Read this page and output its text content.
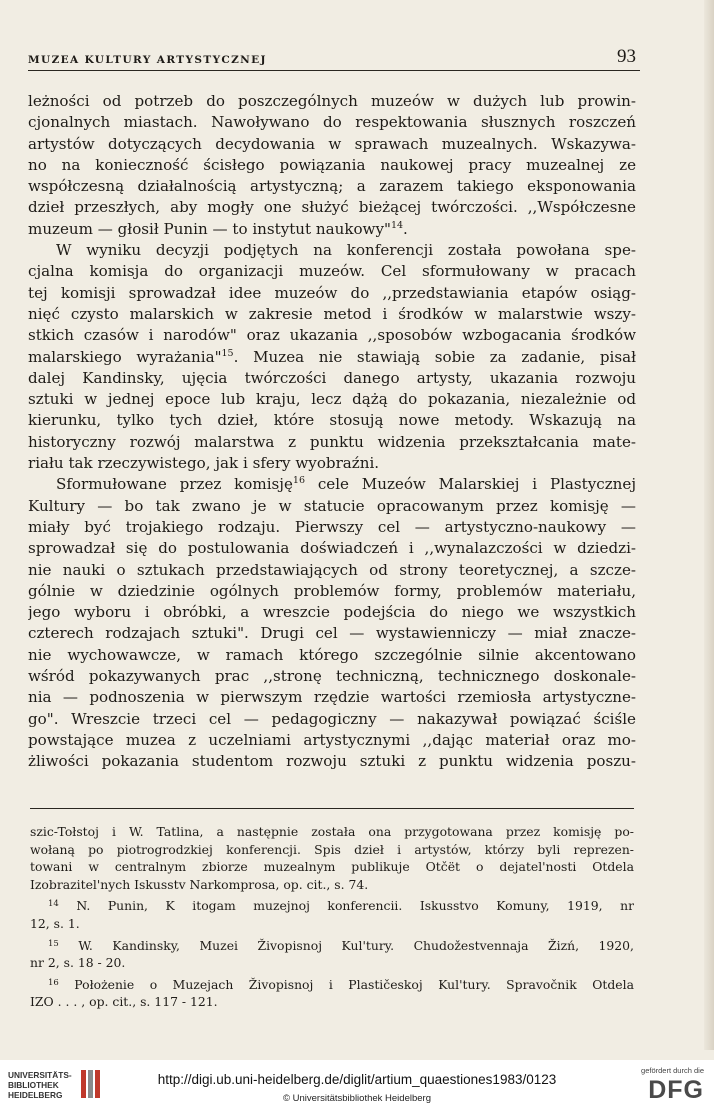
MUZEA KULTURY ARTYSTYCZNEJ	93
leżności od potrzeb do poszczególnych muzeów w dużych lub prowin-
cjonalnych miastach. Nawoływano do respektowania słusznych roszczeń
artystów dotyczących decydowania w sprawach muzealnych. Wskazywa-
no na konieczność ścisłego powiązania naukowej pracy muzealnej ze
współczesną działalnością artystyczną; a zarazem takiego eksponowania
dzieł przeszłych, aby mogły one służyć bieżącej twórczości. ,,Współczesne
muzeum — głosił Punin — to instytut naukowy"$^{14}$.
W wyniku decyzji podjętych na konferencji została powołana spe-
cjalna komisja do organizacji muzeów. Cel sformułowany w pracach
tej komisji sprowadzał idee muzeów do ,,przedstawiania etapów osiąg-
nięć czysto malarskich w zakresie metod i środków w malarstwie wszy-
stkich czasów i narodów" oraz ukazania ,,sposobów wzbogacania środków
malarskiego wyrażania"$^{15}$. Muzea nie stawiają sobie za zadanie, pisał
dalej Kandinsky, ujęcia twórczości danego artysty, ukazania rozwoju
sztuki w jednej epoce lub kraju, lecz dążą do pokazania, niezależnie od
kierunku, tylko tych dzieł, które stosują nowe metody. Wskazują na
historyczny rozwój malarstwa z punktu widzenia przekształcania mate-
riału tak rzeczywistego, jak i sfery wyobraźni.
Sformułowane przez komisję$^{16}$ cele Muzeów Malarskiej i Plastycznej
Kultury — bo tak zwano je w statucie opracowanym przez komisję —
miały być trojakiego rodzaju. Pierwszy cel — artystyczno-naukowy —
sprowadzał się do postulowania doświadczeń i ,,wynalazczości w dziedzi-
nie nauki o sztukach przedstawiających od strony teoretycznej, a szcze-
gólnie w dziedzinie ogólnych problemów formy, problemów materiału,
jego wyboru i obróbki, a wreszcie podejścia do niego we wszystkich
czterech rodzajach sztuki". Drugi cel — wystawienniczy — miał znacze-
nie wychowawcze, w ramach którego szczególnie silnie akcentowano
wśród pokazywanych prac ,,stronę techniczną, technicznego doskonale-
nia — podnoszenia w pierwszym rzędzie wartości rzemiosła artystyczne-
go". Wreszcie trzeci cel — pedagogiczny — nakazywał powiązać ściśle
powstające muzea z uczelniami artystycznymi ,,dając materiał oraz mo-
żliwości pokazania studentom rozwoju sztuki z punktu widzenia poszu-
szic-Tołstoj i W. Tatlina, a następnie została ona przygotowana przez komisję po-
wołaną po piotrogrodzkiej konferencji. Spis dzieł i artystów, którzy byli reprezen-
towani w centralnym zbiorze muzealnym publikuje Otčët o dejatel'nosti Otdela
Izobrazitel'nych Iskusstv Narkomprosa, op. cit., s. 74.
$^{14}$ N. Punin, K itogam muzejnoj konferencii. Iskusstvo Komuny, 1919, nr
12, s. 1.
$^{15}$ W. Kandinsky, Muzei Živopisnoj Kul'tury. Chudožestvennaja Žizń, 1920,
nr 2, s. 18 - 20.
$^{16}$ Położenie o Muzejach Živopisnoj i Plastičeskoj Kul'tury. Spravočnik Otdela
IZO . . . , op. cit., s. 117 - 121.
UNIVERSITÄTS-
BIBLIOTHEK
HEIDELBERG
http://digi.ub.uni-heidelberg.de/diglit/artium_quaestiones1983/0123
© Universitätsbibliothek Heidelberg
gefördert durch die
DFG
